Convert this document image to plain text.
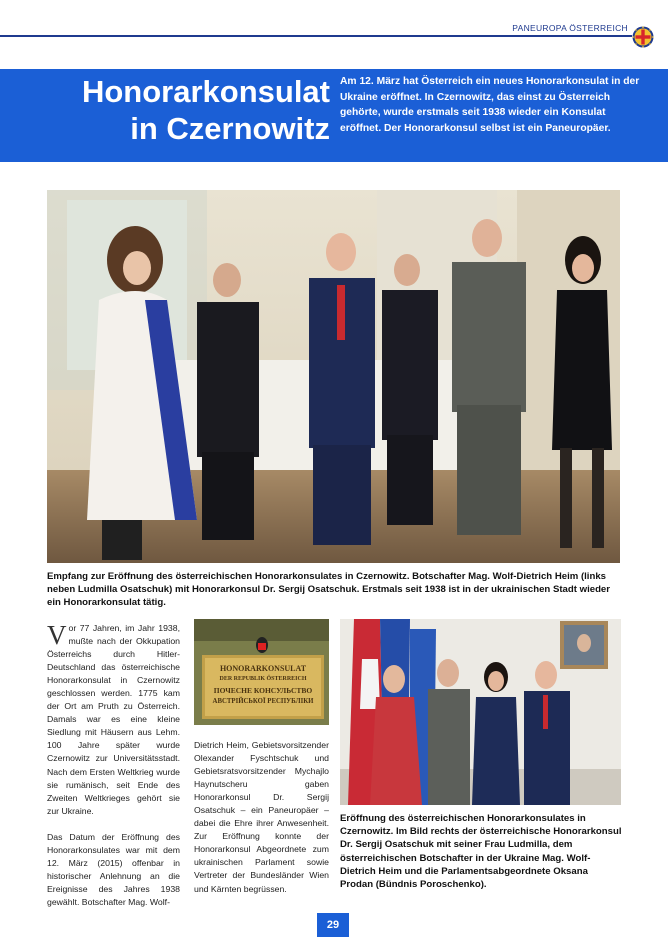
PANEUROPA ÖSTERREICH
Honorarkonsulat
in Czernowitz

Am 12. März hat Österreich ein neues Honorarkonsulat in der Ukraine eröffnet. In Czernowitz, das einst zu Österreich gehörte, wurde erstmals seit 1938 wieder ein Konsulat eröffnet. Der Honorarkonsul selbst ist ein Paneuropäer.

Empfang zur Eröffnung des österreichischen Honorarkonsulates in Czernowitz. Botschafter Mag. Wolf-Dietrich Heim (links neben Ludmilla Osatschuk) mit Honorarkonsul Dr. Sergij Osatschuk. Erstmals seit 1938 ist in der ukrainischen Stadt wieder ein Honorarkonsulat tätig.

Vor 77 Jahren, im Jahr 1938, mußte nach der Okkupation Österreichs durch Hitler-Deutschland das österreichische Honorarkonsulat in Czernowitz geschlossen werden. 1775 kam der Ort am Pruth zu Österreich. Damals war es eine kleine Siedlung mit Häusern aus Lehm. 100 Jahre später wurde Czernowitz zur Universitätsstadt. Nach dem Ersten Weltkrieg wurde sie rumänisch, seit Ende des Zweiten Weltkrieges gehört sie zur Ukraine.

Das Datum der Eröffnung des Honorarkonsulates war mit dem 12. März (2015) offenbar in historischer Anlehnung an die Ereignisse des Jahres 1938 gewählt. Botschafter Mag. Wolf-

HONORARKONSULAT
DER REPUBLIK ÖSTERREICH
ПОЧЕСНЕ КОНСУЛЬСТВО
АВСТРІЙСЬКОЇ РЕСПУБЛІКИ

Dietrich Heim, Gebietsvorsitzender Olexander Fyschtschuk und Gebietsratsvorsitzender Mychajlo Haynutscheru gaben Honorarkonsul Dr. Sergij Osatschuk – ein Paneuropäer – dabei die Ehre ihrer Anwesenheit. Zur Eröffnung konnte der Honorarkonsul Abgeordnete zum ukrainischen Parlament sowie Vertreter der Bundesländer Wien und Kärnten begrüssen.

Eröffnung des österreichischen Honorarkonsulates in Czernowitz. Im Bild rechts der österreichische Honorarkonsul Dr. Sergij Osatschuk mit seiner Frau Ludmilla, dem österreichischen Botschafter in der Ukraine Mag. Wolf-Dietrich Heim und die Parlamentsabgeordnete Oksana Prodan (Bündnis Poroschenko).

29
